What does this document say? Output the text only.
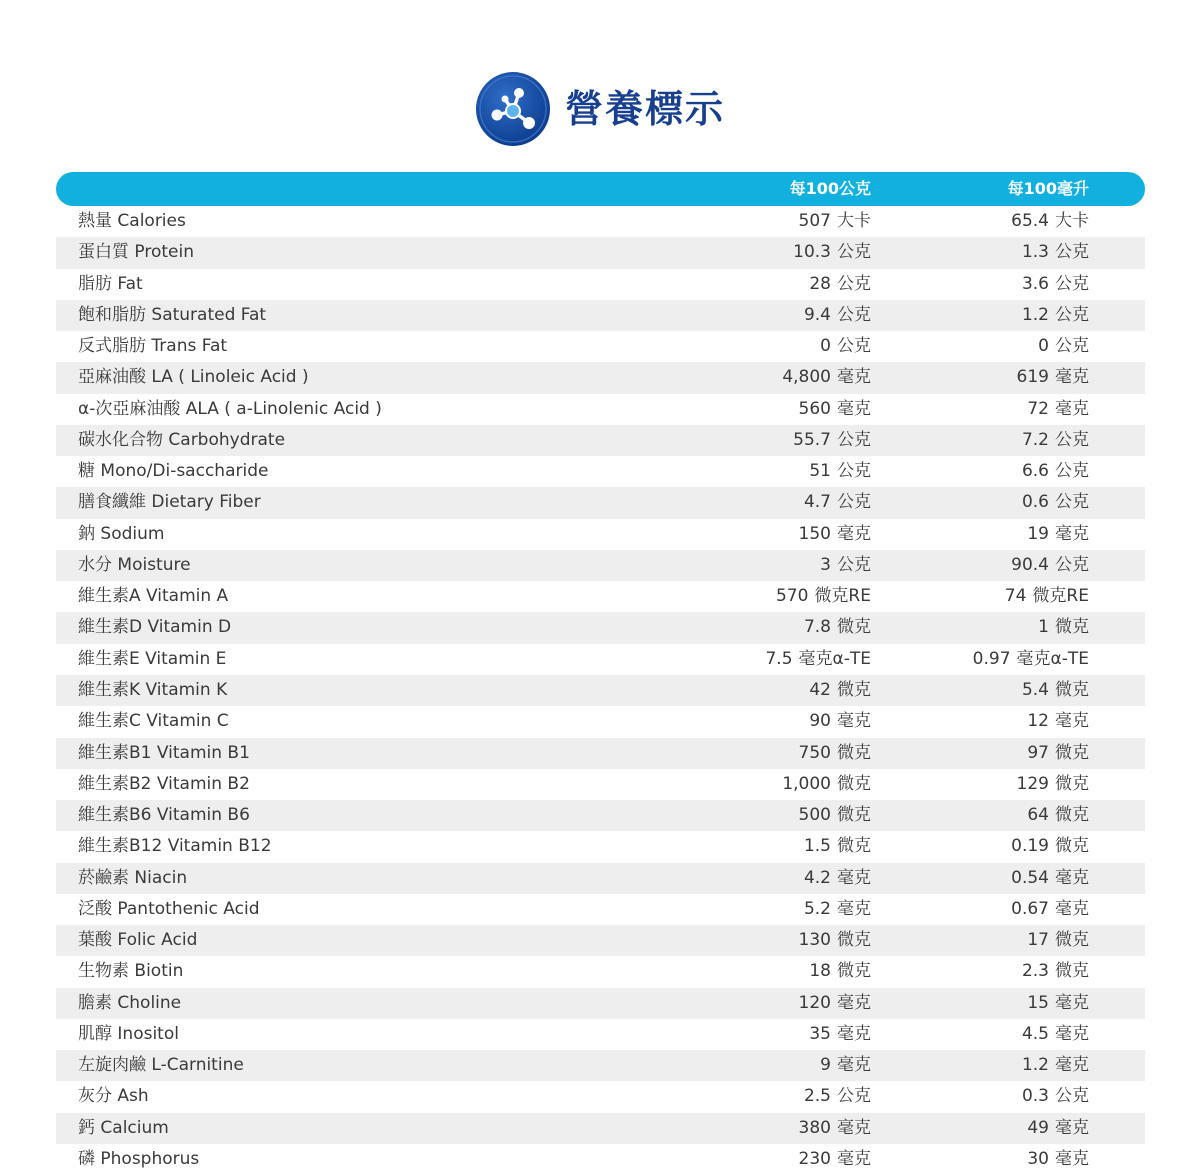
營養標示
每100公克	每100毫升
熱量 Calories	507 大卡	65.4 大卡
蛋白質 Protein	10.3 公克	1.3 公克
脂肪 Fat	28 公克	3.6 公克
飽和脂肪 Saturated Fat	9.4 公克	1.2 公克
反式脂肪 Trans Fat	0 公克	0 公克
亞麻油酸 LA ( Linoleic Acid )	4,800 毫克	619 毫克
α-次亞麻油酸 ALA ( a-Linolenic Acid )	560 毫克	72 毫克
碳水化合物 Carbohydrate	55.7 公克	7.2 公克
糖 Mono/Di-saccharide	51 公克	6.6 公克
膳食纖維 Dietary Fiber	4.7 公克	0.6 公克
鈉 Sodium	150 毫克	19 毫克
水分 Moisture	3 公克	90.4 公克
維生素A Vitamin A	570 微克RE	74 微克RE
維生素D Vitamin D	7.8 微克	1 微克
維生素E Vitamin E	7.5 毫克α-TE	0.97 毫克α-TE
維生素K Vitamin K	42 微克	5.4 微克
維生素C Vitamin C	90 毫克	12 毫克
維生素B1 Vitamin B1	750 微克	97 微克
維生素B2 Vitamin B2	1,000 微克	129 微克
維生素B6 Vitamin B6	500 微克	64 微克
維生素B12 Vitamin B12	1.5 微克	0.19 微克
菸鹼素 Niacin	4.2 毫克	0.54 毫克
泛酸 Pantothenic Acid	5.2 毫克	0.67 毫克
葉酸 Folic Acid	130 微克	17 微克
生物素 Biotin	18 微克	2.3 微克
膽素 Choline	120 毫克	15 毫克
肌醇 Inositol	35 毫克	4.5 毫克
左旋肉鹼 L-Carnitine	9 毫克	1.2 毫克
灰分 Ash	2.5 公克	0.3 公克
鈣 Calcium	380 毫克	49 毫克
磷 Phosphorus	230 毫克	30 毫克
